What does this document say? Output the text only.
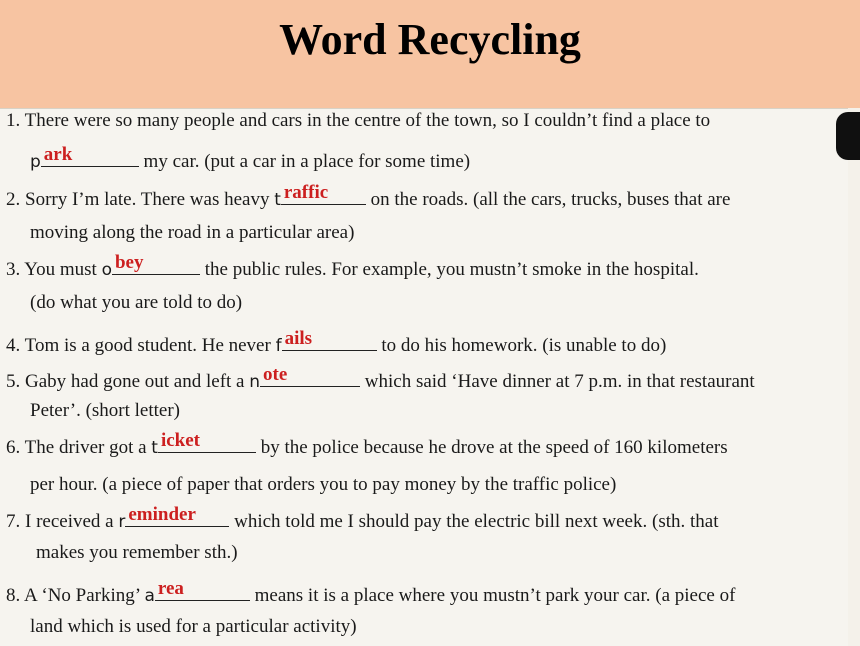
Word Recycling
1. There were so many people and cars in the centre of the town, so I couldn’t find a place to
p ark	my car. (put a car in a place for some time)
2. Sorry I’m late. There was heavy t raffic on the roads. (all the cars, trucks, buses that are
moving along the road in a particular area)
3. You must o bey	the public rules. For example, you mustn’t smoke in the hospital.
(do what you are told to do)
4. Tom is a good student. He never f ails	to do his homework. (is unable to do)
5. Gaby had gone out and left a n ote	which said ‘Have dinner at 7 p.m. in that restaurant
Peter’. (short letter)
6. The driver got a t icket	by the police because he drove at the speed of 160 kilometers
per hour. (a piece of paper that orders you to pay money by the traffic police)
7. I received a r eminder which told me I should pay the electric bill next week. (sth. that
makes you remember sth.)
8. A ‘No Parking’ a rea	means it is a place where you mustn’t park your car. (a piece of
land which is used for a particular activity)
